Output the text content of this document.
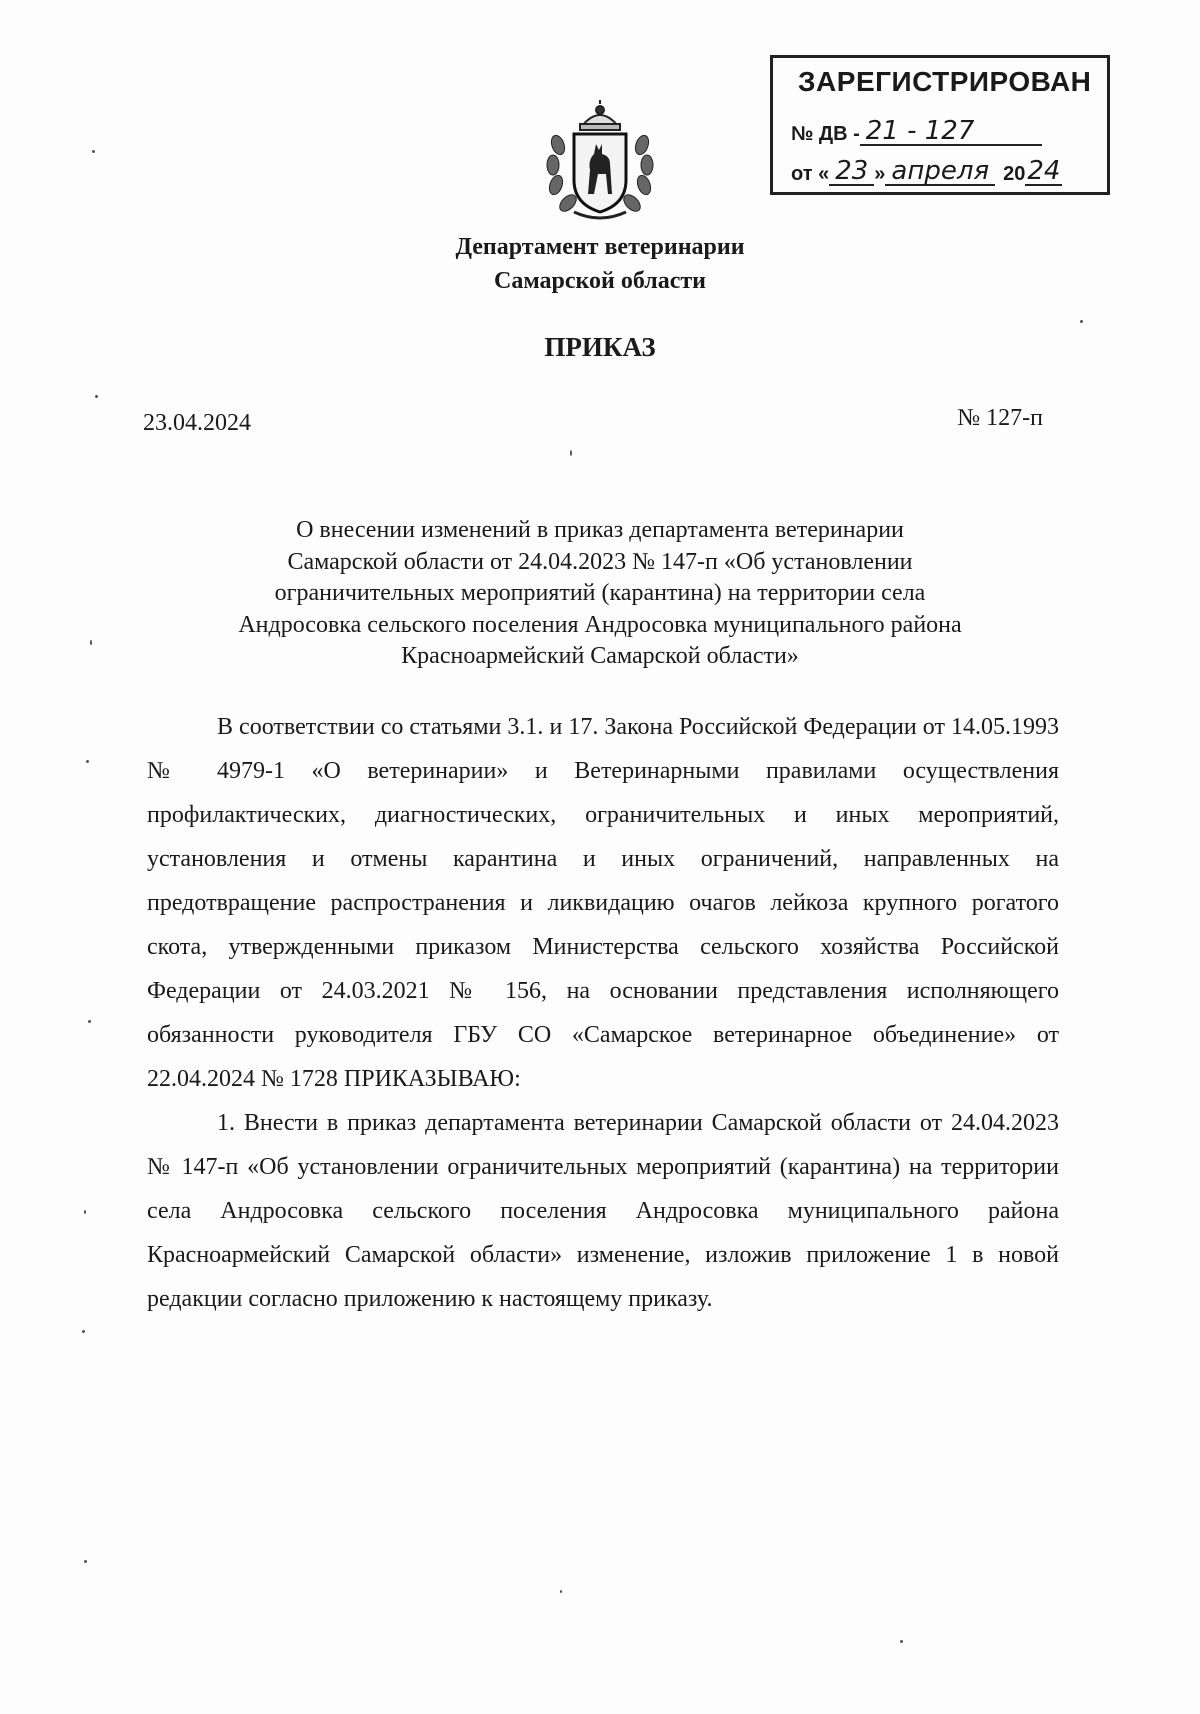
ЗАРЕГИСТРИРОВАН
№ ДВ - 21 - 127
от « 23 » апреля 20 24
Департамент ветеринарии
Самарской области
ПРИКАЗ
23.04.2024	№ 127-п
О внесении изменений в приказ департамента ветеринарии
Самарской области от 24.04.2023 № 147-п «Об установлении
ограничительных мероприятий (карантина) на территории села
Андросовка сельского поселения Андросовка муниципального района
Красноармейский Самарской области»

В соответствии со статьями 3.1. и 17. Закона Российской Федерации от 14.05.1993 № 4979-1 «О ветеринарии» и Ветеринарными правилами осуществления профилактических, диагностических, ограничительных и иных мероприятий, установления и отмены карантина и иных ограничений, направленных на предотвращение распространения и ликвидацию очагов лейкоза крупного рогатого скота, утвержденными приказом Министерства сельского хозяйства Российской Федерации от 24.03.2021 № 156, на основании представления исполняющего обязанности руководителя ГБУ СО «Самарское ветеринарное объединение» от 22.04.2024 № 1728 ПРИКАЗЫВАЮ:

1. Внести в приказ департамента ветеринарии Самарской области от 24.04.2023 № 147-п «Об установлении ограничительных мероприятий (карантина) на территории села Андросовка сельского поселения Андросовка муниципального района Красноармейский Самарской области» изменение, изложив приложение 1 в новой редакции согласно приложению к настоящему приказу.
